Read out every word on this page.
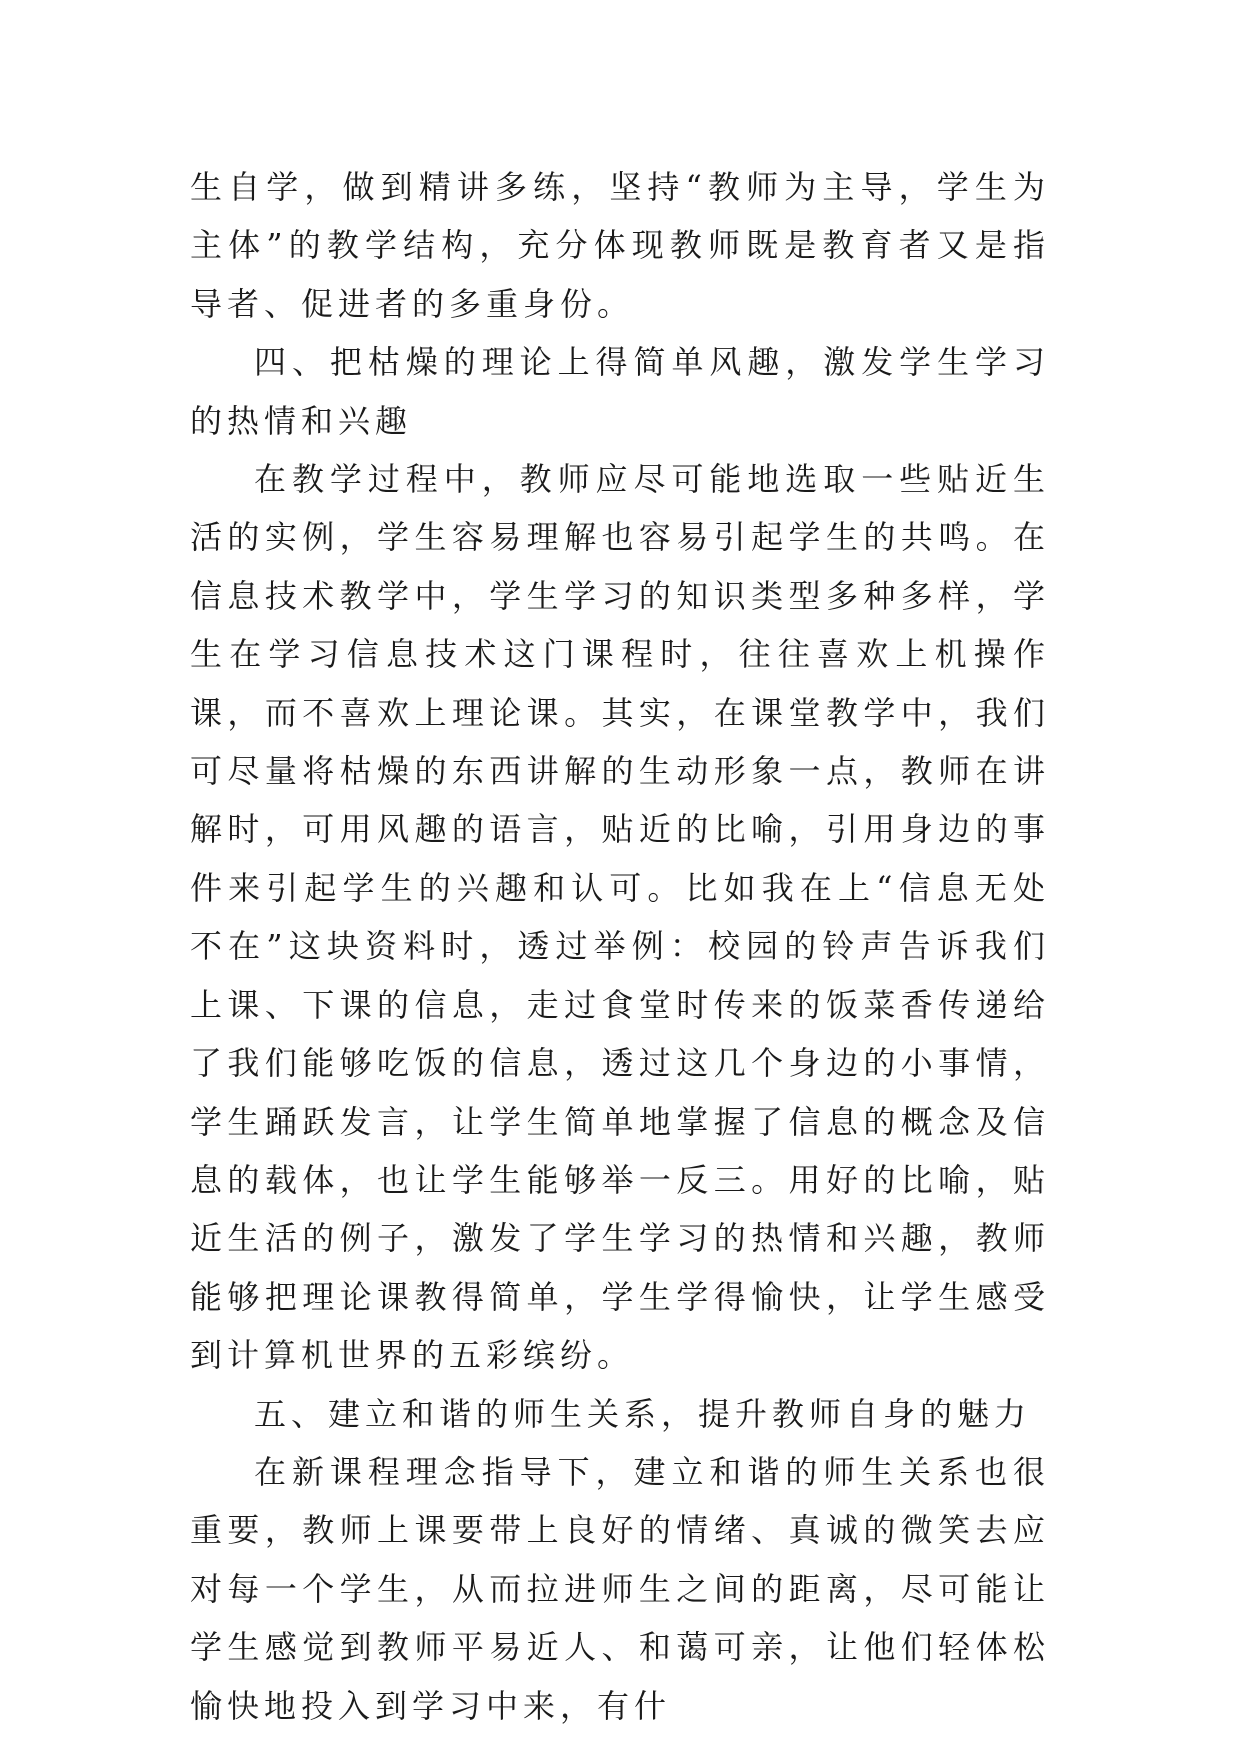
生自学，做到精讲多练，坚持“教师为主导，学生为主体”的教学结构，充分体现教师既是教育者又是指导者、促进者的多重身份。

四、把枯燥的理论上得简单风趣，激发学生学习的热情和兴趣

在教学过程中，教师应尽可能地选取一些贴近生活的实例，学生容易理解也容易引起学生的共鸣。在信息技术教学中，学生学习的知识类型多种多样，学生在学习信息技术这门课程时，往往喜欢上机操作课，而不喜欢上理论课。其实，在课堂教学中，我们可尽量将枯燥的东西讲解的生动形象一点，教师在讲解时，可用风趣的语言，贴近的比喻，引用身边的事件来引起学生的兴趣和认可。比如我在上“信息无处不在”这块资料时，透过举例：校园的铃声告诉我们上课、下课的信息，走过食堂时传来的饭菜香传递给了我们能够吃饭的信息，透过这几个身边的小事情，学生踊跃发言，让学生简单地掌握了信息的概念及信息的载体，也让学生能够举一反三。用好的比喻，贴近生活的例子，激发了学生学习的热情和兴趣，教师能够把理论课教得简单，学生学得愉快，让学生感受到计算机世界的五彩缤纷。

五、建立和谐的师生关系，提升教师自身的魅力

在新课程理念指导下，建立和谐的师生关系也很重要，教师上课要带上良好的情绪、真诚的微笑去应对每一个学生，从而拉进师生之间的距离，尽可能让学生感觉到教师平易近人、和蔼可亲，让他们轻体松愉快地投入到学习中来，有什
